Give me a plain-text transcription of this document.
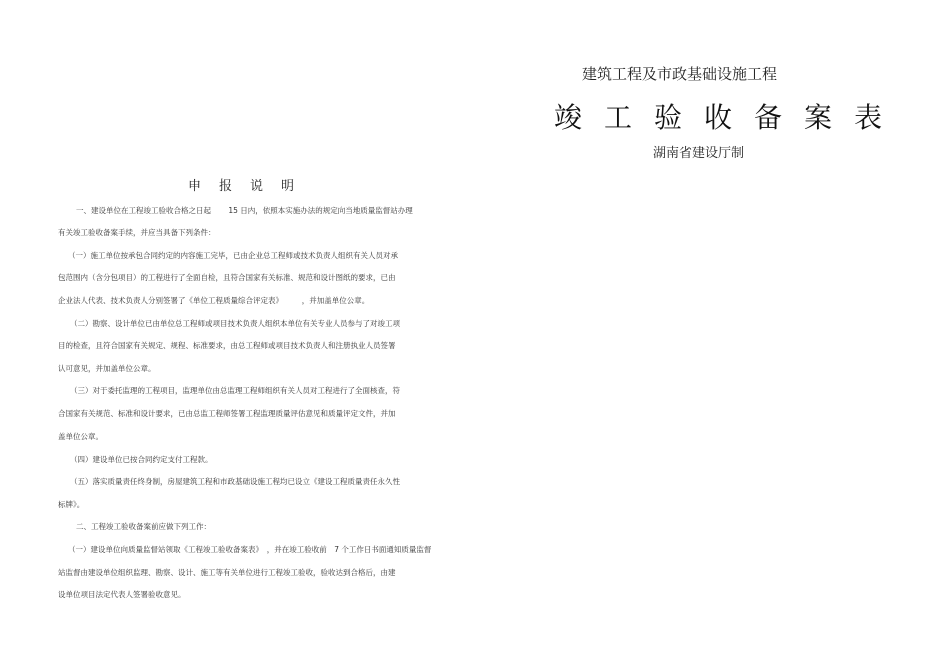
申报说明
一、建设单位在工程竣工验收合格之日起　　 15 日内，依照本实施办法的规定向当地质量监督站办理
有关竣工验收备案手续，并应当具备下列条件：
（一）施工单位按承包合同约定的内容施工完毕，已由企业总工程师或技术负责人组织有关人员对承
包范围内（含分包项目）的工程进行了全面自检，且符合国家有关标准、规范和设计图纸的要求，已由
企业法人代表、技术负责人分别签署了《单位工程质量综合评定表》　　　，并加盖单位公章。
（二）勘察、设计单位已由单位总工程师或项目技术负责人组织本单位有关专业人员参与了对竣工项
目的检查，且符合国家有关规定、规程、标准要求，由总工程师或项目技术负责人和注册执业人员签署
认可意见，并加盖单位公章。
（三）对于委托监理的工程项目，监理单位由总监理工程师组织有关人员对工程进行了全面核查，符
合国家有关规范、标准和设计要求，已由总监工程师签署工程监理质量评估意见和质量评定文件，并加
盖单位公章。
（四）建设单位已按合同约定支付工程款。
（五）落实质量责任终身制，房屋建筑工程和市政基础设施工程均已设立《建设工程质量责任永久性
标牌》。
二、工程竣工验收备案前应做下列工作：
（一）建设单位向质量监督站领取《工程竣工验收备案表》　，并在竣工验收前　7 个工作日书面通知质量监督
站监督由建设单位组织监理、勘察、设计、施工等有关单位进行工程竣工验收，验收达到合格后，由建
设单位项目法定代表人签署验收意见。
建筑工程及市政基础设施工程
竣工验收备案表
湖南省建设厅制
